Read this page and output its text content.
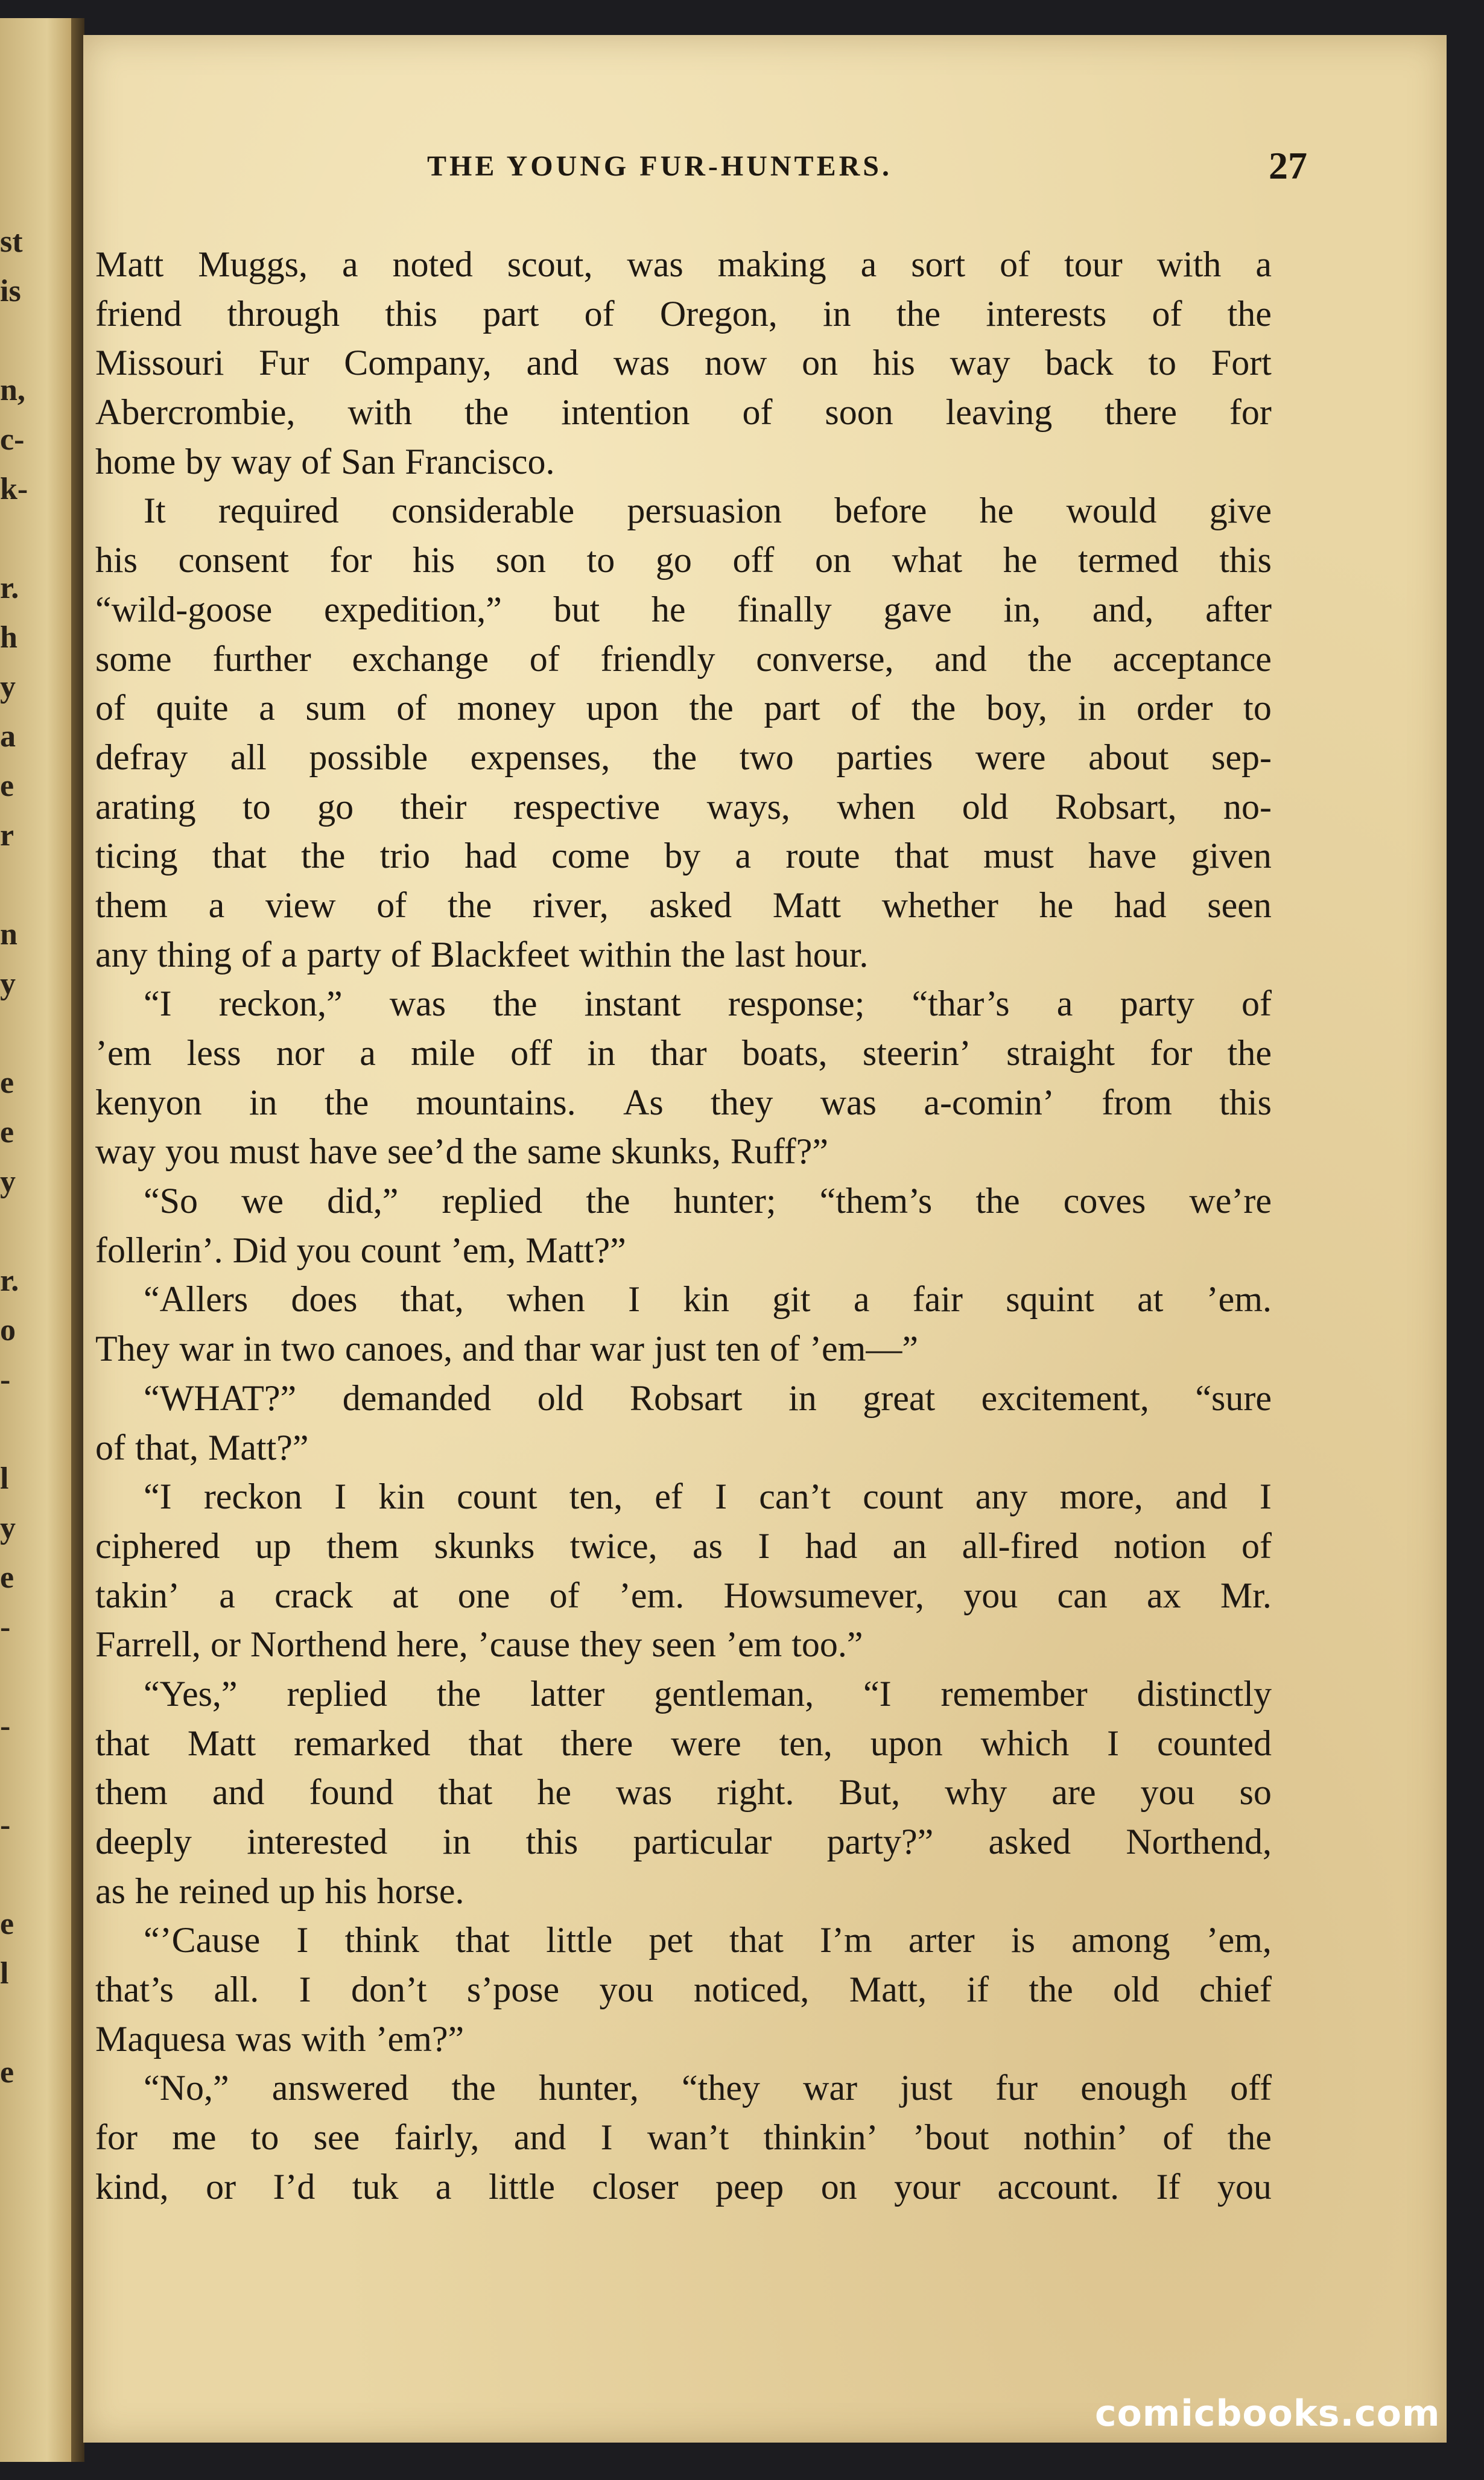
st
is
n,
c-
k-
r.
h
y
a
e
r
n
y
e
e
y
r.
o
-
l
y
e
-
-
-
e
l
e
THE YOUNG FUR-HUNTERS.	27
Matt Muggs, a noted scout, was making a sort of tour with a
friend through this part of Oregon, in the interests of the
Missouri Fur Company, and was now on his way back to Fort
Abercrombie, with the intention of soon leaving there for
home by way of San Francisco.
It required considerable persuasion before he would give
his consent for his son to go off on what he termed this
“wild-goose expedition,” but he finally gave in, and, after
some further exchange of friendly converse, and the acceptance
of quite a sum of money upon the part of the boy, in order to
defray all possible expenses, the two parties were about sep-
arating to go their respective ways, when old Robsart, no-
ticing that the trio had come by a route that must have given
them a view of the river, asked Matt whether he had seen
any thing of a party of Blackfeet within the last hour.
“I reckon,” was the instant response; “thar’s a party of
’em less nor a mile off in thar boats, steerin’ straight for the
kenyon in the mountains. As they was a-comin’ from this
way you must have see’d the same skunks, Ruff?”
“So we did,” replied the hunter; “them’s the coves we’re
follerin’. Did you count ’em, Matt?”
“Allers does that, when I kin git a fair squint at ’em.
They war in two canoes, and thar war just ten of ’em—”
“WHAT?” demanded old Robsart in great excitement, “sure
of that, Matt?”
“I reckon I kin count ten, ef I can’t count any more, and I
ciphered up them skunks twice, as I had an all-fired notion of
takin’ a crack at one of ’em. Howsumever, you can ax Mr.
Farrell, or Northend here, ’cause they seen ’em too.”
“Yes,” replied the latter gentleman, “I remember distinctly
that Matt remarked that there were ten, upon which I counted
them and found that he was right. But, why are you so
deeply interested in this particular party?” asked Northend,
as he reined up his horse.
“’Cause I think that little pet that I’m arter is among ’em,
that’s all. I don’t s’pose you noticed, Matt, if the old chief
Maquesa was with ’em?”
“No,” answered the hunter, “they war just fur enough off
for me to see fairly, and I wan’t thinkin’ ’bout nothin’ of the
kind, or I’d tuk a little closer peep on your account. If you
comicbooks.com
